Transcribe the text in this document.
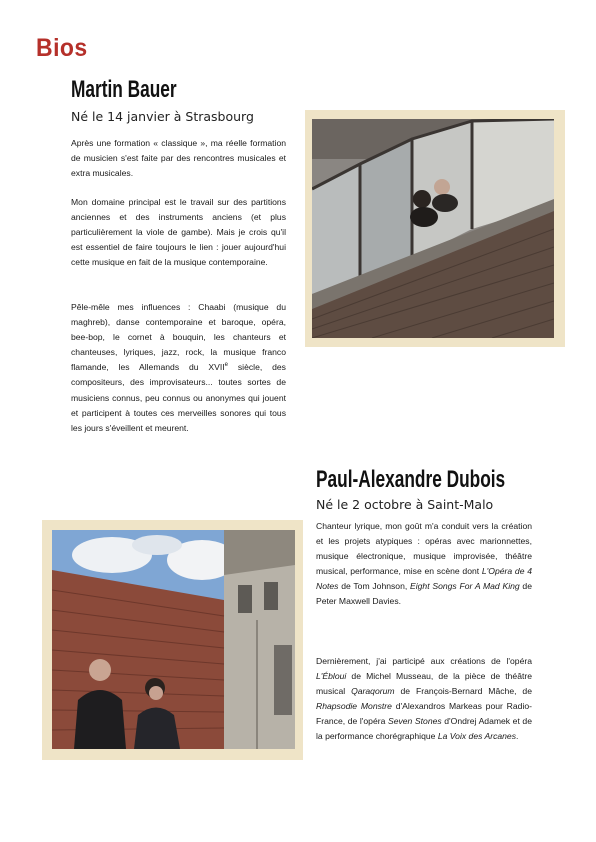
Bios
Martin Bauer
Né le 14 janvier à Strasbourg

Après une formation « classique », ma réelle formation de musicien s'est faite par des rencontres musicales et extra musicales.

Mon domaine principal est le travail sur des partitions anciennes et des instruments anciens (et plus particulièrement la viole de gambe). Mais je crois qu'il est essentiel de faire toujours le lien : jouer aujourd'hui cette musique en fait de la musique contemporaine.

Pêle-mêle mes influences : Chaabi (musique du maghreb), danse contemporaine et baroque, opéra, bee-bop, le cornet à bouquin, les chanteurs et chanteuses, lyriques, jazz, rock, la musique franco flamande, les Allemands du XVIIe siècle, des compositeurs, des improvisateurs... toutes sortes de musiciens connus, peu connus ou anonymes qui jouent et participent à toutes ces merveilles sonores qui tous les jours s'éveillent et meurent.

Paul-Alexandre Dubois
Né le 2 octobre à Saint-Malo

Chanteur lyrique, mon goût m'a conduit vers la création et les projets atypiques : opéras avec marionnettes, musique électronique, musique improvisée, théâtre musical, performance, mise en scène dont L'Opéra de 4 Notes de Tom Johnson, Eight Songs For A Mad King de Peter Maxwell Davies.

Dernièrement, j'ai participé aux créations de l'opéra L'Ébloui de Michel Musseau, de la pièce de théâtre musical Qaraqorum de François-Bernard Mâche, de Rhapsodie Monstre d'Alexandros Markeas pour Radio-France, de l'opéra Seven Stones d'Ondrej Adamek et de la performance chorégraphique La Voix des Arcanes.
